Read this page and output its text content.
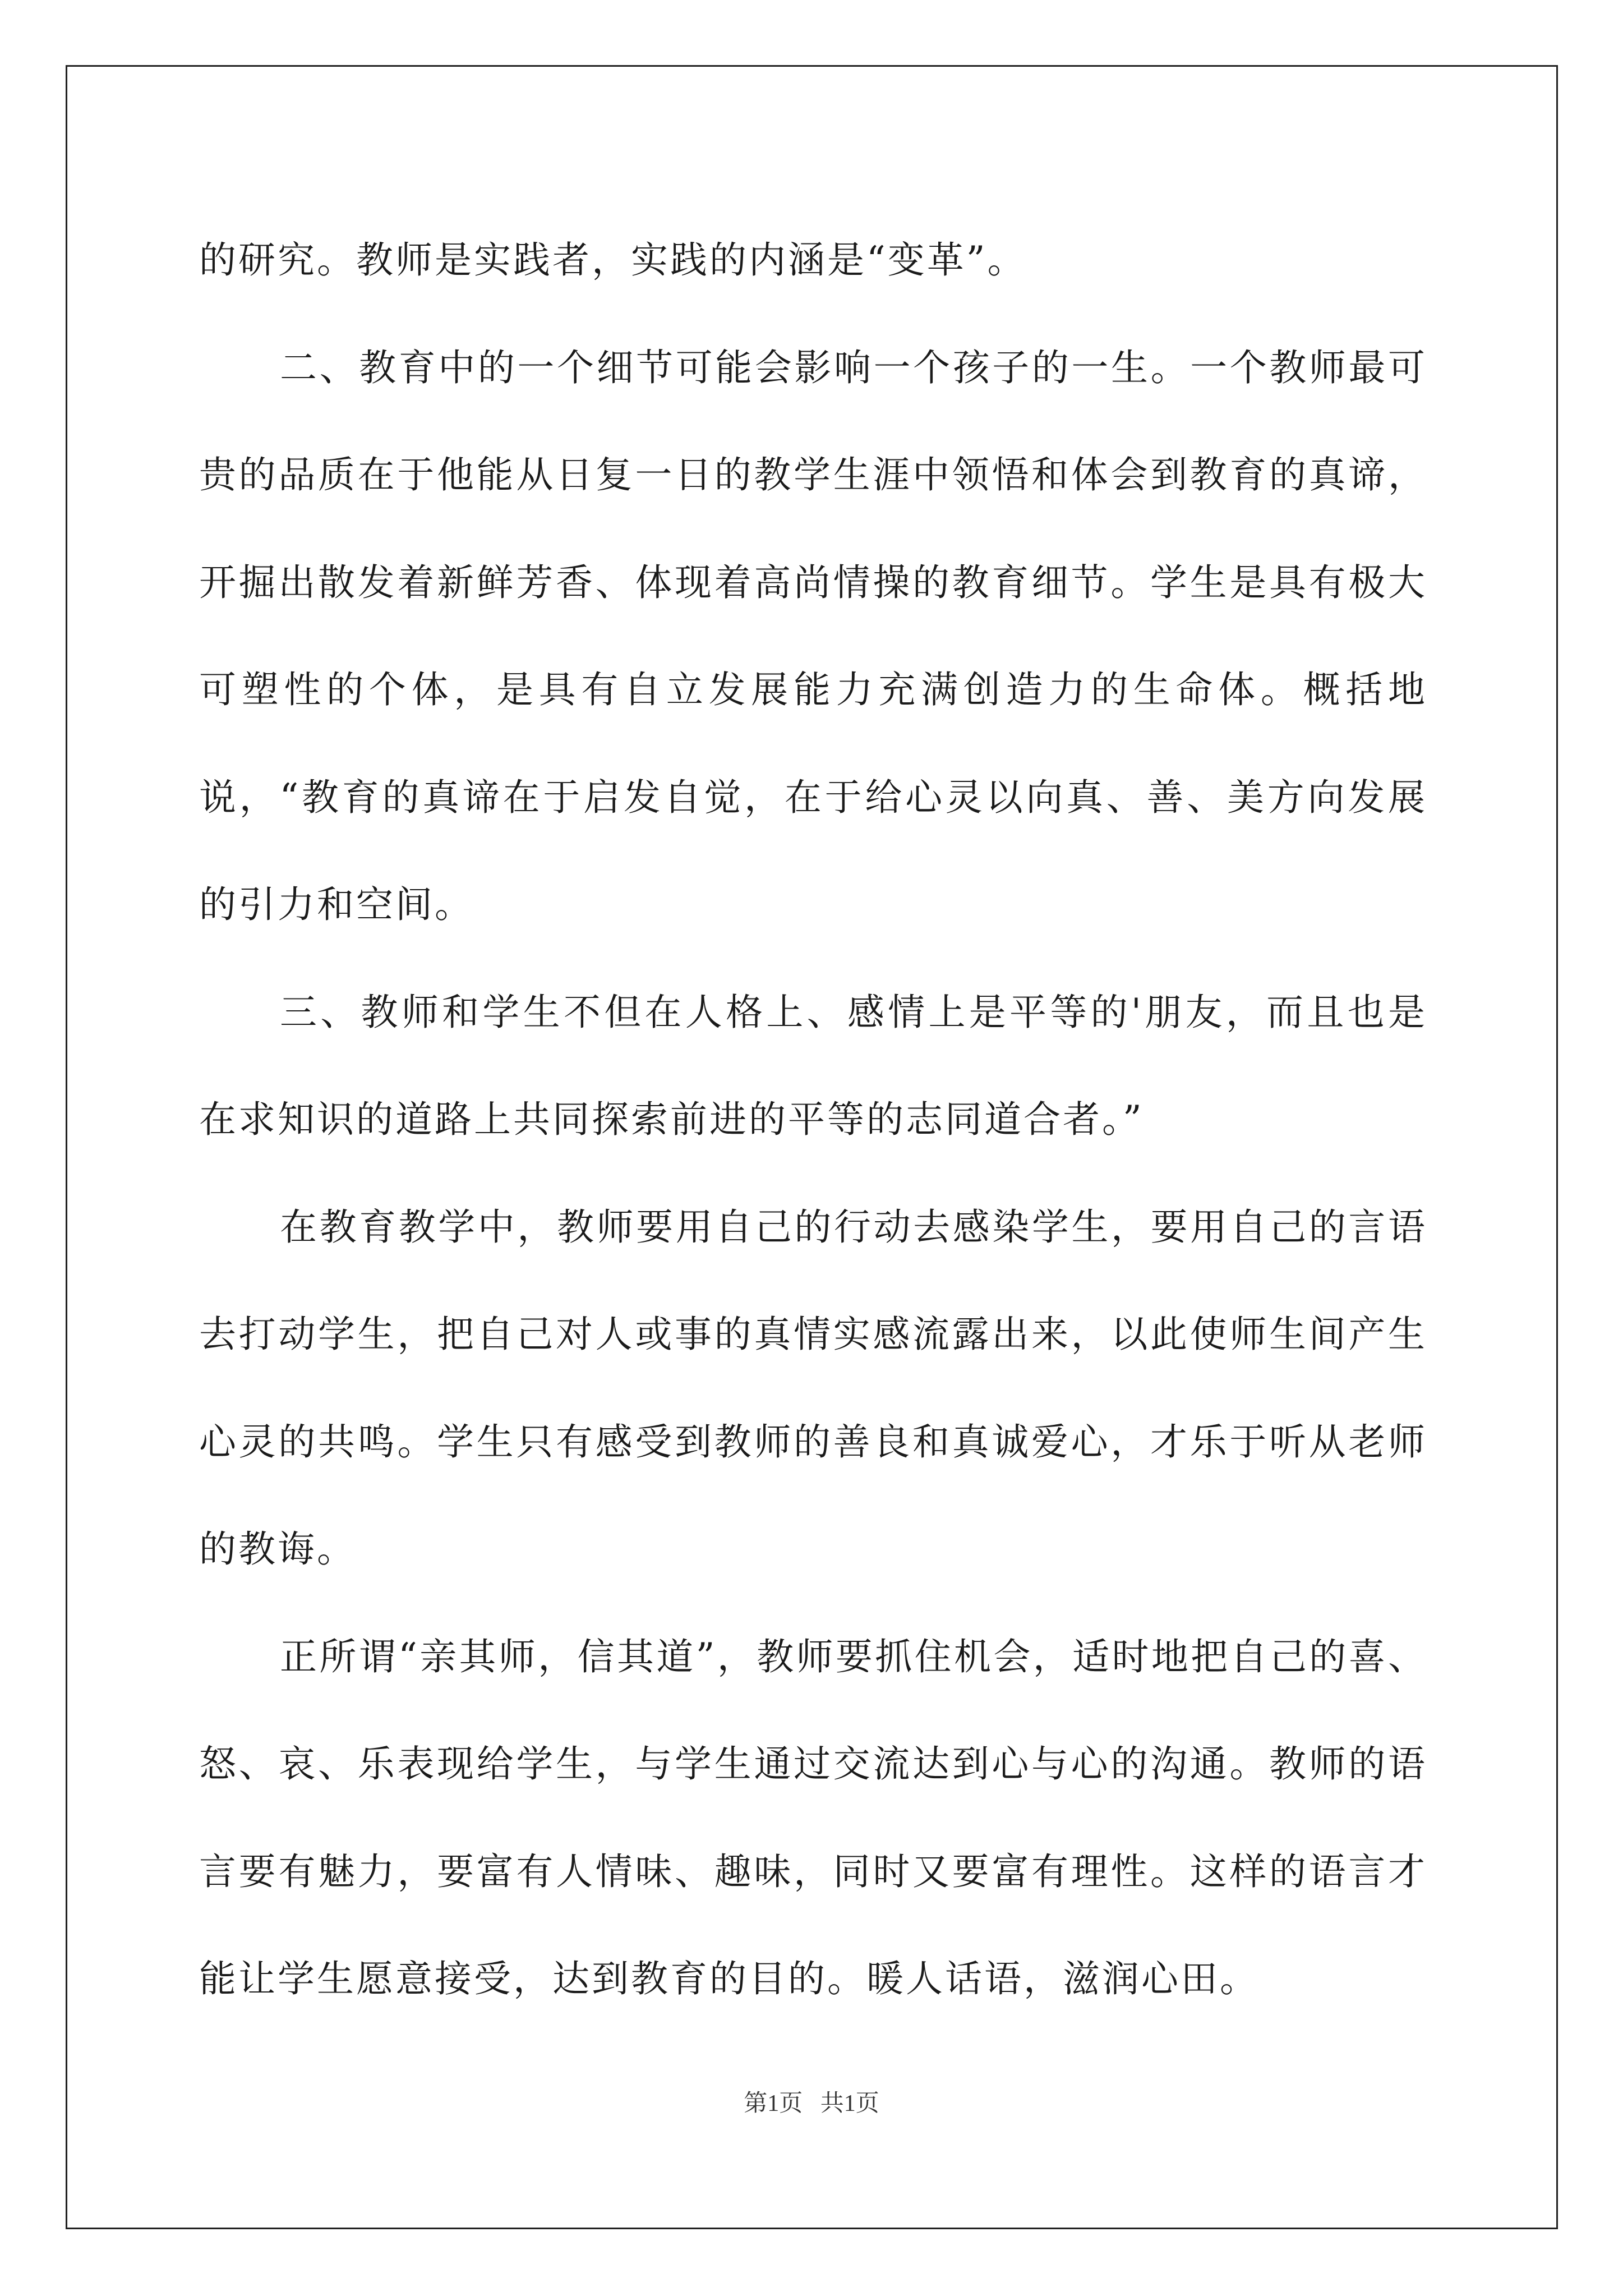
的研究。教师是实践者，实践的内涵是“变革”。

二、教育中的一个细节可能会影响一个孩子的一生。一个教师最可贵的品质在于他能从日复一日的教学生涯中领悟和体会到教育的真谛，开掘出散发着新鲜芳香、体现着高尚情操的教育细节。学生是具有极大可塑性的个体，是具有自立发展能力充满创造力的生命体。概括地说，“教育的真谛在于启发自觉，在于给心灵以向真、善、美方向发展的引力和空间。

三、教师和学生不但在人格上、感情上是平等的'朋友，而且也是在求知识的道路上共同探索前进的平等的志同道合者。”

在教育教学中，教师要用自己的行动去感染学生，要用自己的言语去打动学生，把自己对人或事的真情实感流露出来，以此使师生间产生心灵的共鸣。学生只有感受到教师的善良和真诚爱心，才乐于听从老师的教诲。

正所谓“亲其师，信其道”，教师要抓住机会，适时地把自己的喜、怒、哀、乐表现给学生，与学生通过交流达到心与心的沟通。教师的语言要有魅力，要富有人情味、趣味，同时又要富有理性。这样的语言才能让学生愿意接受，达到教育的目的。暖人话语，滋润心田。

第1页   共1页
